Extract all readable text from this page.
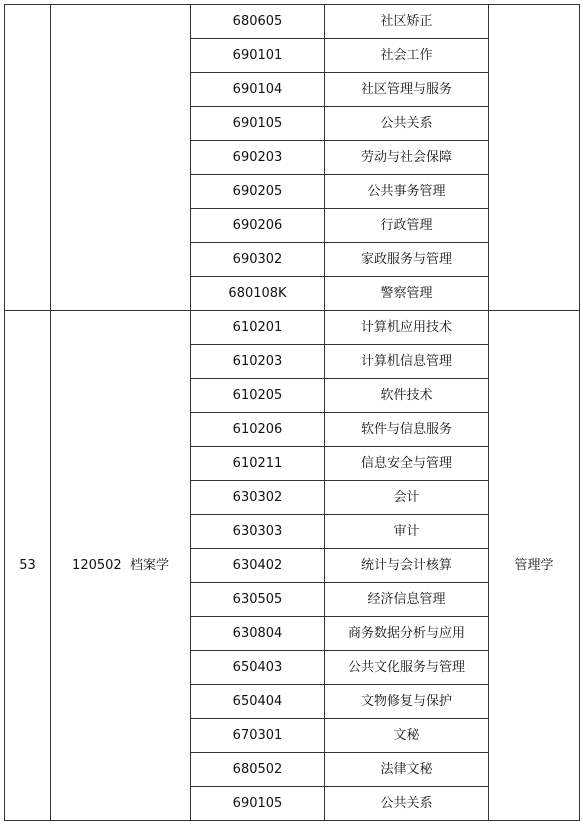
		680605	社区矫正	
		690101	社会工作	
		690104	社区管理与服务	
		690105	公共关系	
		690203	劳动与社会保障	
		690205	公共事务管理	
		690206	行政管理	
		690302	家政服务与管理	
		680108K	警察管理	
53	120502  档案学	610201	计算机应用技术	管理学
		610203	计算机信息管理	
		610205	软件技术	
		610206	软件与信息服务	
		610211	信息安全与管理	
		630302	会计	
		630303	审计	
		630402	统计与会计核算	
		630505	经济信息管理	
		630804	商务数据分析与应用	
		650403	公共文化服务与管理	
		650404	文物修复与保护	
		670301	文秘	
		680502	法律文秘	
		690105	公共关系	
